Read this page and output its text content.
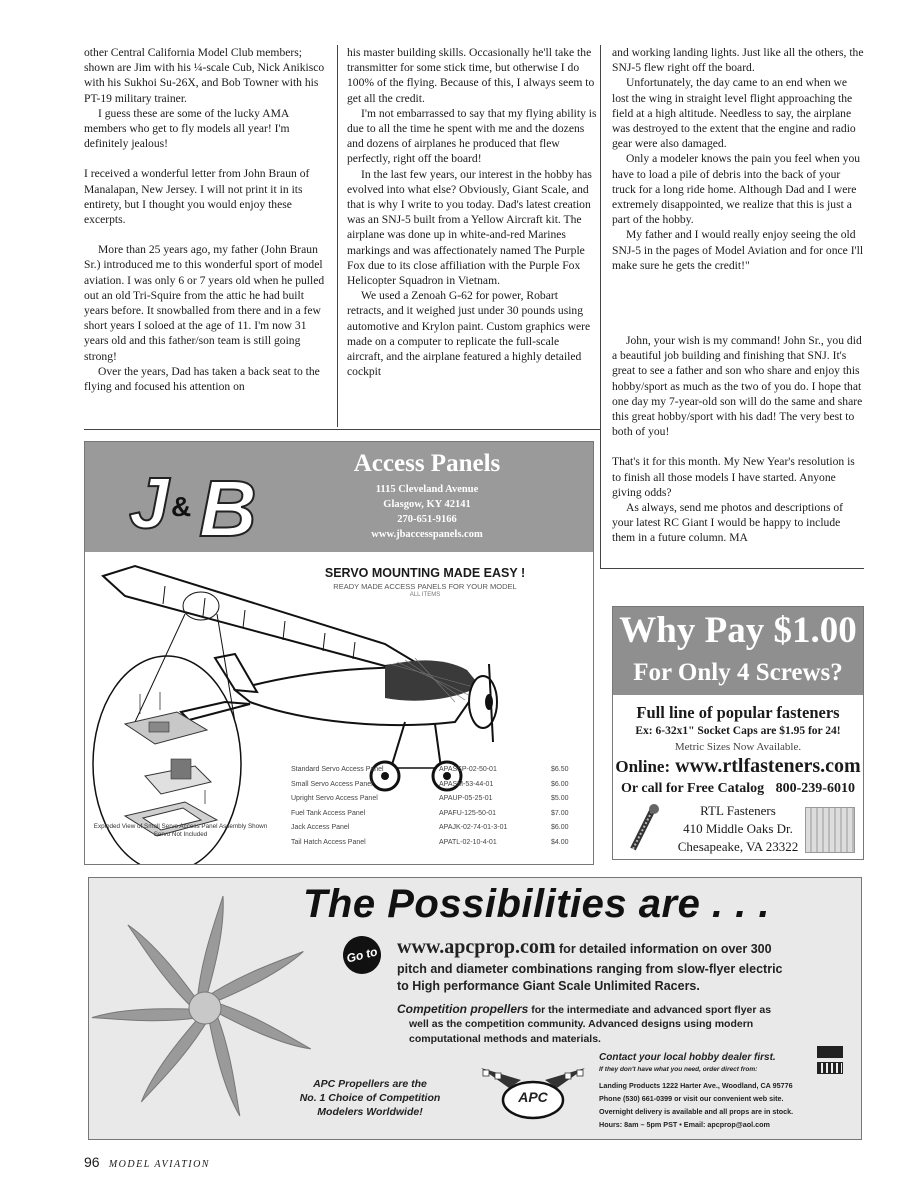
other Central California Model Club members; shown are Jim with his ¼-scale Cub, Nick Anikisco with his Sukhoi Su-26X, and Bob Towner with his PT-19 military trainer.

I guess these are some of the lucky AMA members who get to fly models all year! I'm definitely jealous!

I received a wonderful letter from John Braun of Manalapan, New Jersey. I will not print it in its entirety, but I thought you would enjoy these excerpts.

More than 25 years ago, my father (John Braun Sr.) introduced me to this wonderful sport of model aviation. I was only 6 or 7 years old when he pulled out an old Tri-Squire from the attic he had built years before. It snowballed from there and in a few short years I soloed at the age of 11. I'm now 31 years old and this father/son team is still going strong!

Over the years, Dad has taken a back seat to the flying and focused his attention on

his master building skills. Occasionally he'll take the transmitter for some stick time, but otherwise I do 100% of the flying. Because of this, I always seem to get all the credit.

I'm not embarrassed to say that my flying ability is due to all the time he spent with me and the dozens and dozens of airplanes he produced that flew perfectly, right off the board!

In the last few years, our interest in the hobby has evolved into what else? Obviously, Giant Scale, and that is why I write to you today. Dad's latest creation was an SNJ-5 built from a Yellow Aircraft kit. The airplane was done up in white-and-red Marines markings and was affectionately named The Purple Fox due to its close affiliation with the Purple Fox Helicopter Squadron in Vietnam.

We used a Zenoah G-62 for power, Robart retracts, and it weighed just under 30 pounds using automotive and Krylon paint. Custom graphics were made on a computer to replicate the full-scale aircraft, and the airplane featured a highly detailed cockpit

and working landing lights. Just like all the others, the SNJ-5 flew right off the board.

Unfortunately, the day came to an end when we lost the wing in straight level flight approaching the field at a high altitude. Needless to say, the airplane was destroyed to the extent that the engine and radio gear were also damaged.

Only a modeler knows the pain you feel when you have to load a pile of debris into the back of your truck for a long ride home. Although Dad and I were extremely disappointed, we realize that this is just a part of the hobby.

My father and I would really enjoy seeing the old SNJ-5 in the pages of Model Aviation and for once I'll make sure he gets the credit!"

John, your wish is my command! John Sr., you did a beautiful job building and finishing that SNJ. It's great to see a father and son who share and enjoy this hobby/sport as much as the two of you do. I hope that one day my 7-year-old son will do the same and share this great hobby/sport with his dad! The very best to both of you!

That's it for this month. My New Year's resolution is to finish all those models I have started. Anyone giving odds?

As always, send me photos and descriptions of your latest RC Giant I would be happy to include them in a future column. MA

J & B
Access Panels
1115 Cleveland Avenue
Glasgow, KY 42141
270-651-9166
www.jbaccesspanels.com
SERVO MOUNTING MADE EASY !
READY MADE ACCESS PANELS FOR YOUR MODEL
ALL ITEMS
Standard Servo Access Panel	APASSP-02-50-01	$6.50
Small Servo Access Panel	APASM-53-44-01	$6.00
Upright Servo Access Panel	APAUP-05-25-01	$5.00
Fuel Tank Access Panel	APAFU-125-50-01	$7.00
Jack Access Panel	APAJK-02-74-01-3-01	$6.00
Tail Hatch Access Panel	APATL-02-10-4-01	$4.00
Exploded View of Small Servo Access Panel Assembly Shown Servo Not Included
Why Pay $1.00
For Only 4 Screws?
Full line of popular fasteners
Ex: 6-32x1" Socket Caps are $1.95 for 24!
Metric Sizes Now Available.
Online: www.rtlfasteners.com
Or call for Free Catalog 800-239-6010
RTL Fasteners
410 Middle Oaks Dr.
Chesapeake, VA 23322
The Possibilities are . . .
Go to www.apcprop.com for detailed information on over 300
pitch and diameter combinations ranging from slow-flyer electric
to High performance Giant Scale Unlimited Racers.
Competition propellers for the intermediate and advanced sport flyer as
well as the competition community. Advanced designs using modern
computational methods and materials.
APC Propellers are the
No. 1 Choice of Competition
Modelers Worldwide!
APC
Contact your local hobby dealer first.
If they don't have what you need, order direct from:
Landing Products 1222 Harter Ave., Woodland, CA 95776
Phone (530) 661-0399 or visit our convenient web site.
Overnight delivery is available and all props are in stock.
Hours: 8am – 5pm PST • Email: apcprop@aol.com
96 MODEL AVIATION
